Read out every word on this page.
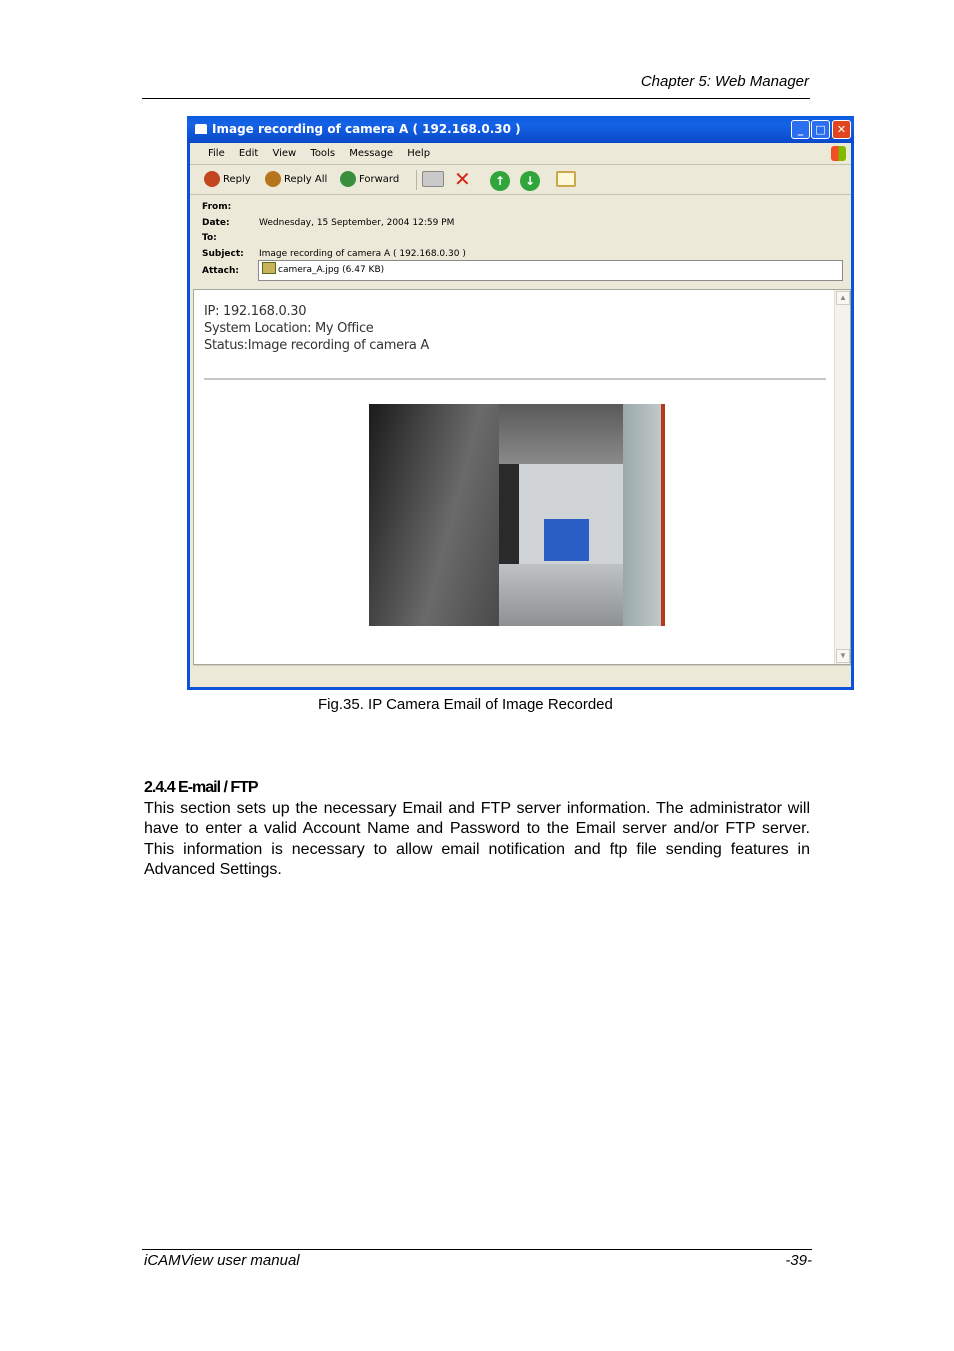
Chapter 5: Web Manager
Image recording of camera A ( 192.168.0.30 )	_	□	✕
File Edit View Tools Message Help
Reply	Reply All	Forward	✕	↑	↓
From:
Date:	Wednesday, 15 September, 2004 12:59 PM
To:
Subject: Image recording of camera A ( 192.168.0.30 )
Attach:	camera_A.jpg (6.47 KB)
IP: 192.168.0.30
System Location: My Office
Status:Image recording of camera A
▲
▼
Fig.35. IP Camera Email of Image Recorded
2.4.4 E-mail / FTP
This section sets up the necessary Email and FTP server information. The administrator will have to enter a valid Account Name and Password to the Email server and/or FTP server. This information is necessary to allow email notification and ftp file sending features in Advanced Settings.
iCAMView user manual	-39-
